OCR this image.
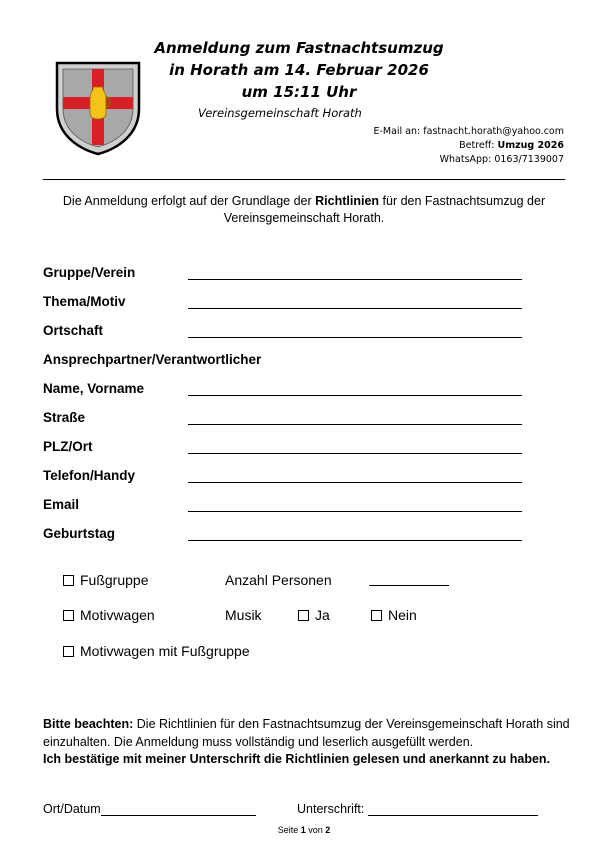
Anmeldung zum Fastnachtsumzug
in Horath am 14. Februar 2026
um 15:11 Uhr
Vereinsgemeinschaft Horath
E-Mail an: fastnacht.horath@yahoo.com
Betreff: Umzug 2026
WhatsApp: 0163/7139007
Die Anmeldung erfolgt auf der Grundlage der Richtlinien für den Fastnachtsumzug der Vereinsgemeinschaft Horath.
Gruppe/Verein
Thema/Motiv
Ortschaft
Ansprechpartner/Verantwortlicher
Name, Vorname
Straße
PLZ/Ort
Telefon/Handy
Email
Geburtstag
Fußgruppe	Anzahl Personen
Motivwagen	Musik	Ja	Nein
Motivwagen mit Fußgruppe
Bitte beachten: Die Richtlinien für den Fastnachtsumzug der Vereinsgemeinschaft Horath sind einzuhalten. Die Anmeldung muss vollständig und leserlich ausgefüllt werden.
Ich bestätige mit meiner Unterschrift die Richtlinien gelesen und anerkannt zu haben.
Ort/Datum	Unterschrift:
Seite 1 von 2
